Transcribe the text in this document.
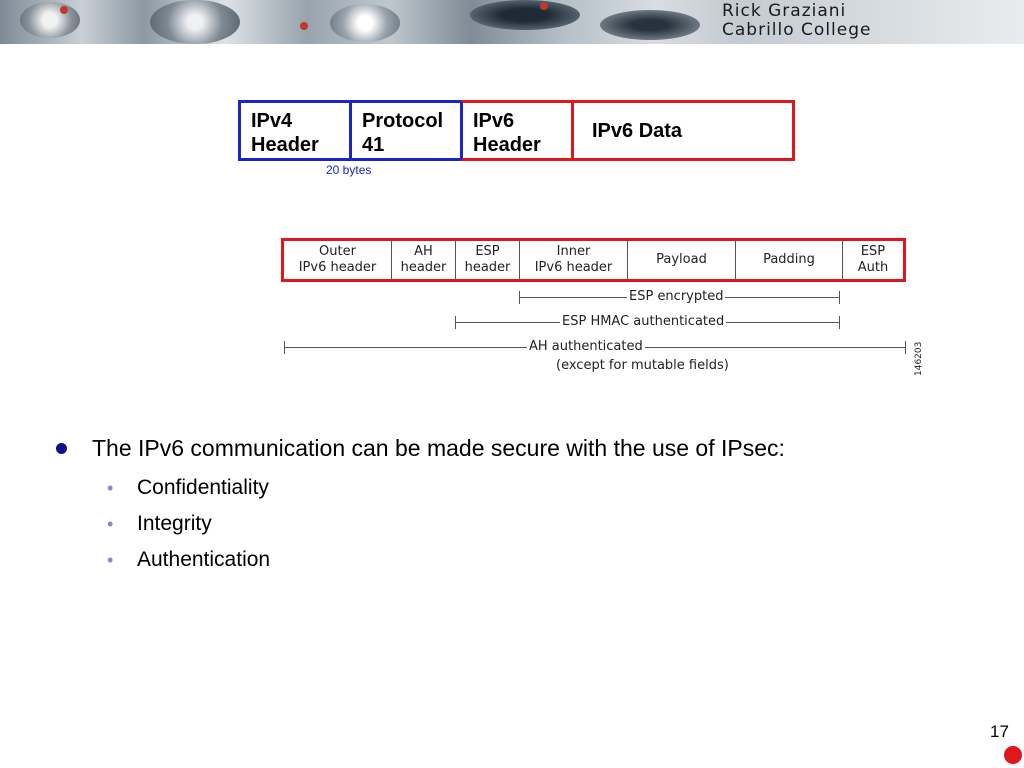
Rick Graziani
Cabrillo College
IPv4
Header
Protocol
41
IPv6
Header
IPv6 Data
20 bytes
Outer
IPv6 header
AH
header
ESP
header
Inner
IPv6 header
Payload	Padding
ESP
Auth
ESP encrypted
ESP HMAC authenticated
AH authenticated
(except for mutable fields)	146203
The IPv6 communication can be made secure with the use of IPsec:
• Confidentiality
• Integrity
• Authentication
17
